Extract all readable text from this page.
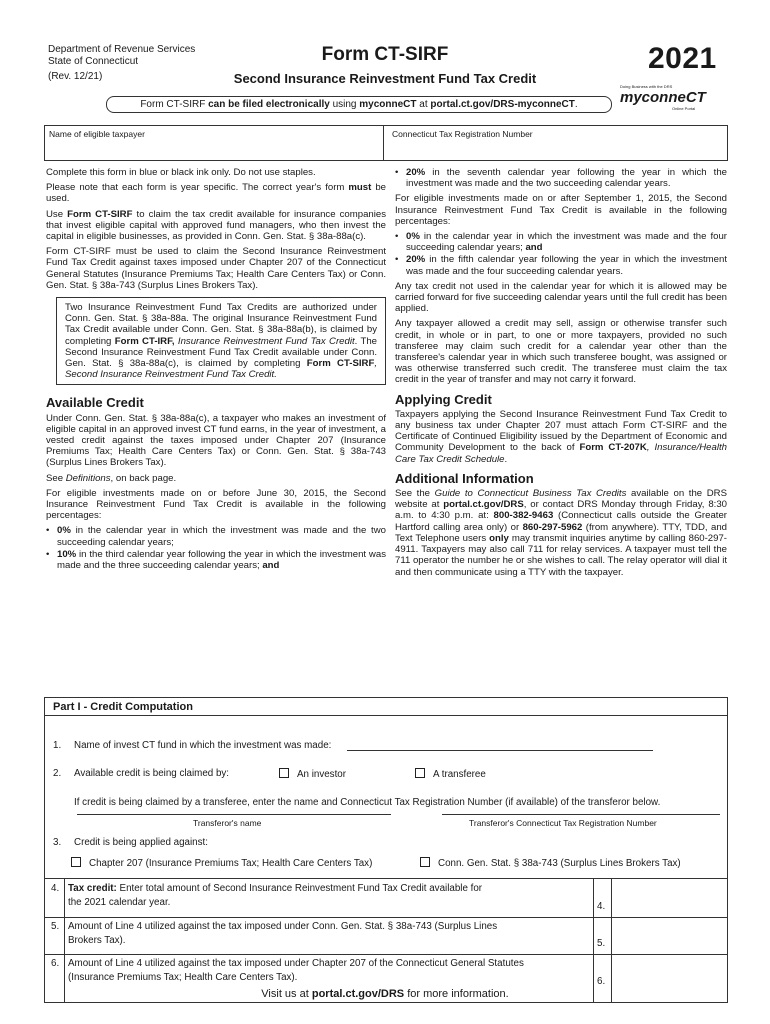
Department of Revenue Services
State of Connecticut
(Rev. 12/21)
Form CT-SIRF
Second Insurance Reinvestment Fund Tax Credit
2021
Doing Business with the DRS
myconneCT
Online Portal
Form CT-SIRF can be filed electronically using myconneCT at portal.ct.gov/DRS-myconneCT.
Name of eligible taxpayer	Connecticut Tax Registration Number

Complete this form in blue or black ink only. Do not use staples.

Please note that each form is year specific. The correct year's form must be used.

Use Form CT-SIRF to claim the tax credit available for insurance companies that invest eligible capital with approved fund managers, who then invest the capital in eligible businesses, as provided in Conn. Gen. Stat. § 38a-88a(c).

Form CT-SIRF must be used to claim the Second Insurance Reinvestment Fund Tax Credit against taxes imposed under Chapter 207 of the Connecticut General Statutes (Insurance Premiums Tax; Health Care Centers Tax) or Conn. Gen. Stat. § 38a-743 (Surplus Lines Brokers Tax).

Two Insurance Reinvestment Fund Tax Credits are authorized under Conn. Gen. Stat. § 38a-88a. The original Insurance Reinvestment Fund Tax Credit available under Conn. Gen. Stat. § 38a-88a(b), is claimed by completing Form CT-IRF, Insurance Reinvestment Fund Tax Credit. The Second Insurance Reinvestment Fund Tax Credit available under Conn. Gen. Stat. § 38a-88a(c), is claimed by completing Form CT-SIRF, Second Insurance Reinvestment Fund Tax Credit.
Available Credit

Under Conn. Gen. Stat. § 38a-88a(c), a taxpayer who makes an investment of eligible capital in an approved invest CT fund earns, in the year of investment, a vested credit against the taxes imposed under Chapter 207 (Insurance Premiums Tax; Health Care Centers Tax) or Conn. Gen. Stat. § 38a-743 (Surplus Lines Brokers Tax).

See Definitions, on back page.

For eligible investments made on or before June 30, 2015, the Second Insurance Reinvestment Fund Tax Credit is available in the following percentages:

• 0% in the calendar year in which the investment was made and the two succeeding calendar years;
• 10% in the third calendar year following the year in which the investment was made and the three succeeding calendar years; and
• 20% in the seventh calendar year following the year in which the investment was made and the two succeeding calendar years.

For eligible investments made on or after September 1, 2015, the Second Insurance Reinvestment Fund Tax Credit is available in the following percentages:

• 0% in the calendar year in which the investment was made and the four succeeding calendar years; and
• 20% in the fifth calendar year following the year in which the investment was made and the four succeeding calendar years.

Any tax credit not used in the calendar year for which it is allowed may be carried forward for five succeeding calendar years until the full credit has been applied.

Any taxpayer allowed a credit may sell, assign or otherwise transfer such credit, in whole or in part, to one or more taxpayers, provided no such transferee may claim such credit for a calendar year other than the transferee's calendar year in which such transferee bought, was assigned or was otherwise transferred such credit. The transferee must claim the tax credit in the year of transfer and may not carry it forward.

Applying Credit

Taxpayers applying the Second Insurance Reinvestment Fund Tax Credit to any business tax under Chapter 207 must attach Form CT-SIRF and the Certificate of Continued Eligibility issued by the Department of Economic and Community Development to the back of Form CT-207K, Insurance/Health Care Tax Credit Schedule.

Additional Information

See the Guide to Connecticut Business Tax Credits available on the DRS website at portal.ct.gov/DRS, or contact DRS Monday through Friday, 8:30 a.m. to 4:30 p.m. at: 800-382-9463 (Connecticut calls outside the Greater Hartford calling area only) or 860-297-5962 (from anywhere). TTY, TDD, and Text Telephone users only may transmit inquiries anytime by calling 860-297-4911. Taxpayers may also call 711 for relay services. A taxpayer must tell the 711 operator the number he or she wishes to call. The relay operator will dial it and then communicate using a TTY with the taxpayer.

Part I - Credit Computation
1. Name of invest CT fund in which the investment was made:
2. Available credit is being claimed by:	An investor	A transferee
If credit is being claimed by a transferee, enter the name and Connecticut Tax Registration Number (if available) of the transferor below.
Transferor's name	Transferor's Connecticut Tax Registration Number
3. Credit is being applied against:
Chapter 207 (Insurance Premiums Tax; Health Care Centers Tax)	Conn. Gen. Stat. § 38a-743 (Surplus Lines Brokers Tax)
4. Tax credit: Enter total amount of Second Insurance Reinvestment Fund Tax Credit available for
the 2021 calendar year.	4.
5. Amount of Line 4 utilized against the tax imposed under Conn. Gen. Stat. § 38a-743 (Surplus Lines
Brokers Tax).	5.
6. Amount of Line 4 utilized against the tax imposed under Chapter 207 of the Connecticut General Statutes
(Insurance Premiums Tax; Health Care Centers Tax).	6.
Visit us at portal.ct.gov/DRS for more information.
